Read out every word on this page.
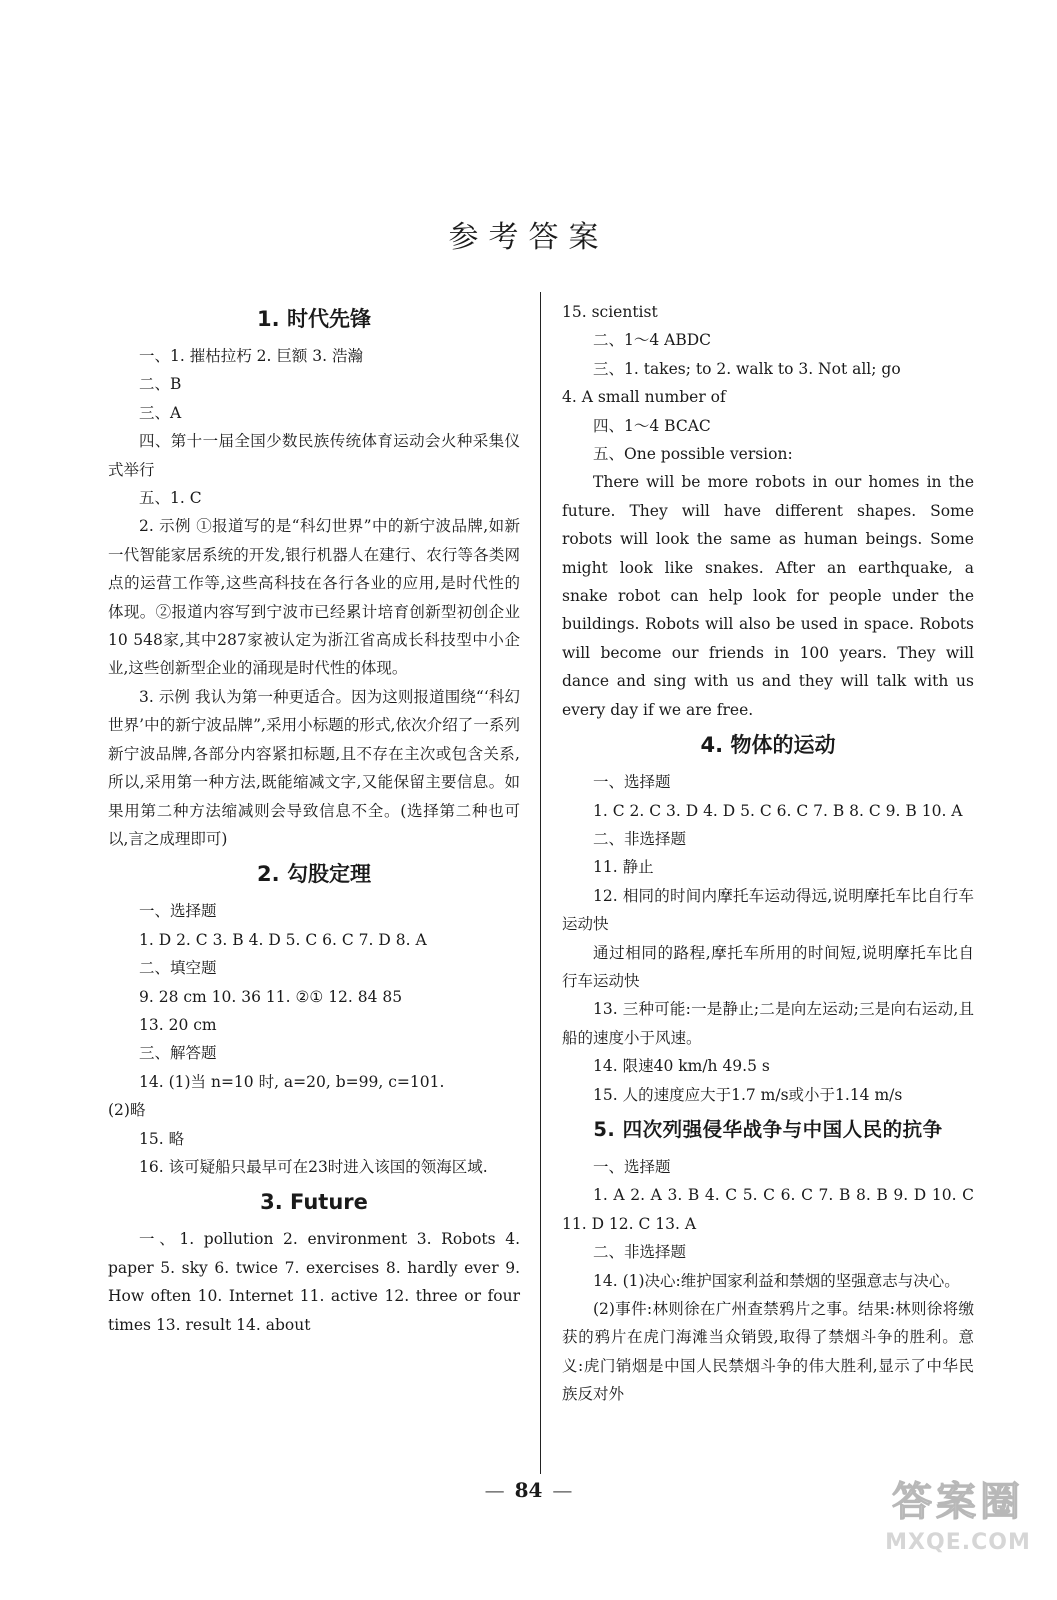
参考答案
1. 时代先锋

一、1. 摧枯拉朽 2. 巨额 3. 浩瀚

二、B

三、A

四、第十一届全国少数民族传统体育运动会火种采集仪式举行

五、1. C

2. 示例 ①报道写的是“科幻世界”中的新宁波品牌,如新一代智能家居系统的开发,银行机器人在建行、农行等各类网点的运营工作等,这些高科技在各行各业的应用,是时代性的体现。②报道内容写到宁波市已经累计培育创新型初创企业10 548家,其中287家被认定为浙江省高成长科技型中小企业,这些创新型企业的涌现是时代性的体现。

3. 示例 我认为第一种更适合。因为这则报道围绕“‘科幻世界’中的新宁波品牌”,采用小标题的形式,依次介绍了一系列新宁波品牌,各部分内容紧扣标题,且不存在主次或包含关系,所以,采用第一种方法,既能缩减文字,又能保留主要信息。如果用第二种方法缩减则会导致信息不全。(选择第二种也可以,言之成理即可)

2. 勾股定理

一、选择题

1. D 2. C 3. B 4. D 5. C 6. C 7. D 8. A

二、填空题

9. 28 cm 10. 36 11. ②① 12. 84 85

13. 20 cm

三、解答题

14. (1)当 n=10 时, a=20, b=99, c=101.

(2)略

15. 略

16. 该可疑船只最早可在23时进入该国的领海区域.

3. Future

一、1. pollution 2. environment 3. Robots 4. paper 5. sky 6. twice 7. exercises 8. hardly ever 9. How often 10. Internet 11. active 12. three or four times 13. result 14. about

15. scientist

二、1～4 ABDC

三、1. takes; to 2. walk to 3. Not all; go

4. A small number of

四、1～4 BCAC

五、One possible version:

There will be more robots in our homes in the future. They will have different shapes. Some robots will look the same as human beings. Some might look like snakes. After an earthquake, a snake robot can help look for people under the buildings. Robots will also be used in space. Robots will become our friends in 100 years. They will dance and sing with us and they will talk with us every day if we are free.

4. 物体的运动

一、选择题

1. C 2. C 3. D 4. D 5. C 6. C 7. B 8. C 9. B 10. A

二、非选择题

11. 静止

12. 相同的时间内摩托车运动得远,说明摩托车比自行车运动快

通过相同的路程,摩托车所用的时间短,说明摩托车比自行车运动快

13. 三种可能:一是静止;二是向左运动;三是向右运动,且船的速度小于风速。

14. 限速40 km/h 49.5 s

15. 人的速度应大于1.7 m/s或小于1.14 m/s

5. 四次列强侵华战争与中国人民的抗争

一、选择题

1. A 2. A 3. B 4. C 5. C 6. C 7. B 8. B 9. D 10. C 11. D 12. C 13. A

二、非选择题

14. (1)决心:维护国家利益和禁烟的坚强意志与决心。

(2)事件:林则徐在广州查禁鸦片之事。结果:林则徐将缴获的鸦片在虎门海滩当众销毁,取得了禁烟斗争的胜利。意义:虎门销烟是中国人民禁烟斗争的伟大胜利,显示了中华民族反对外

— 84 —	答案圈
MXQE.COM
